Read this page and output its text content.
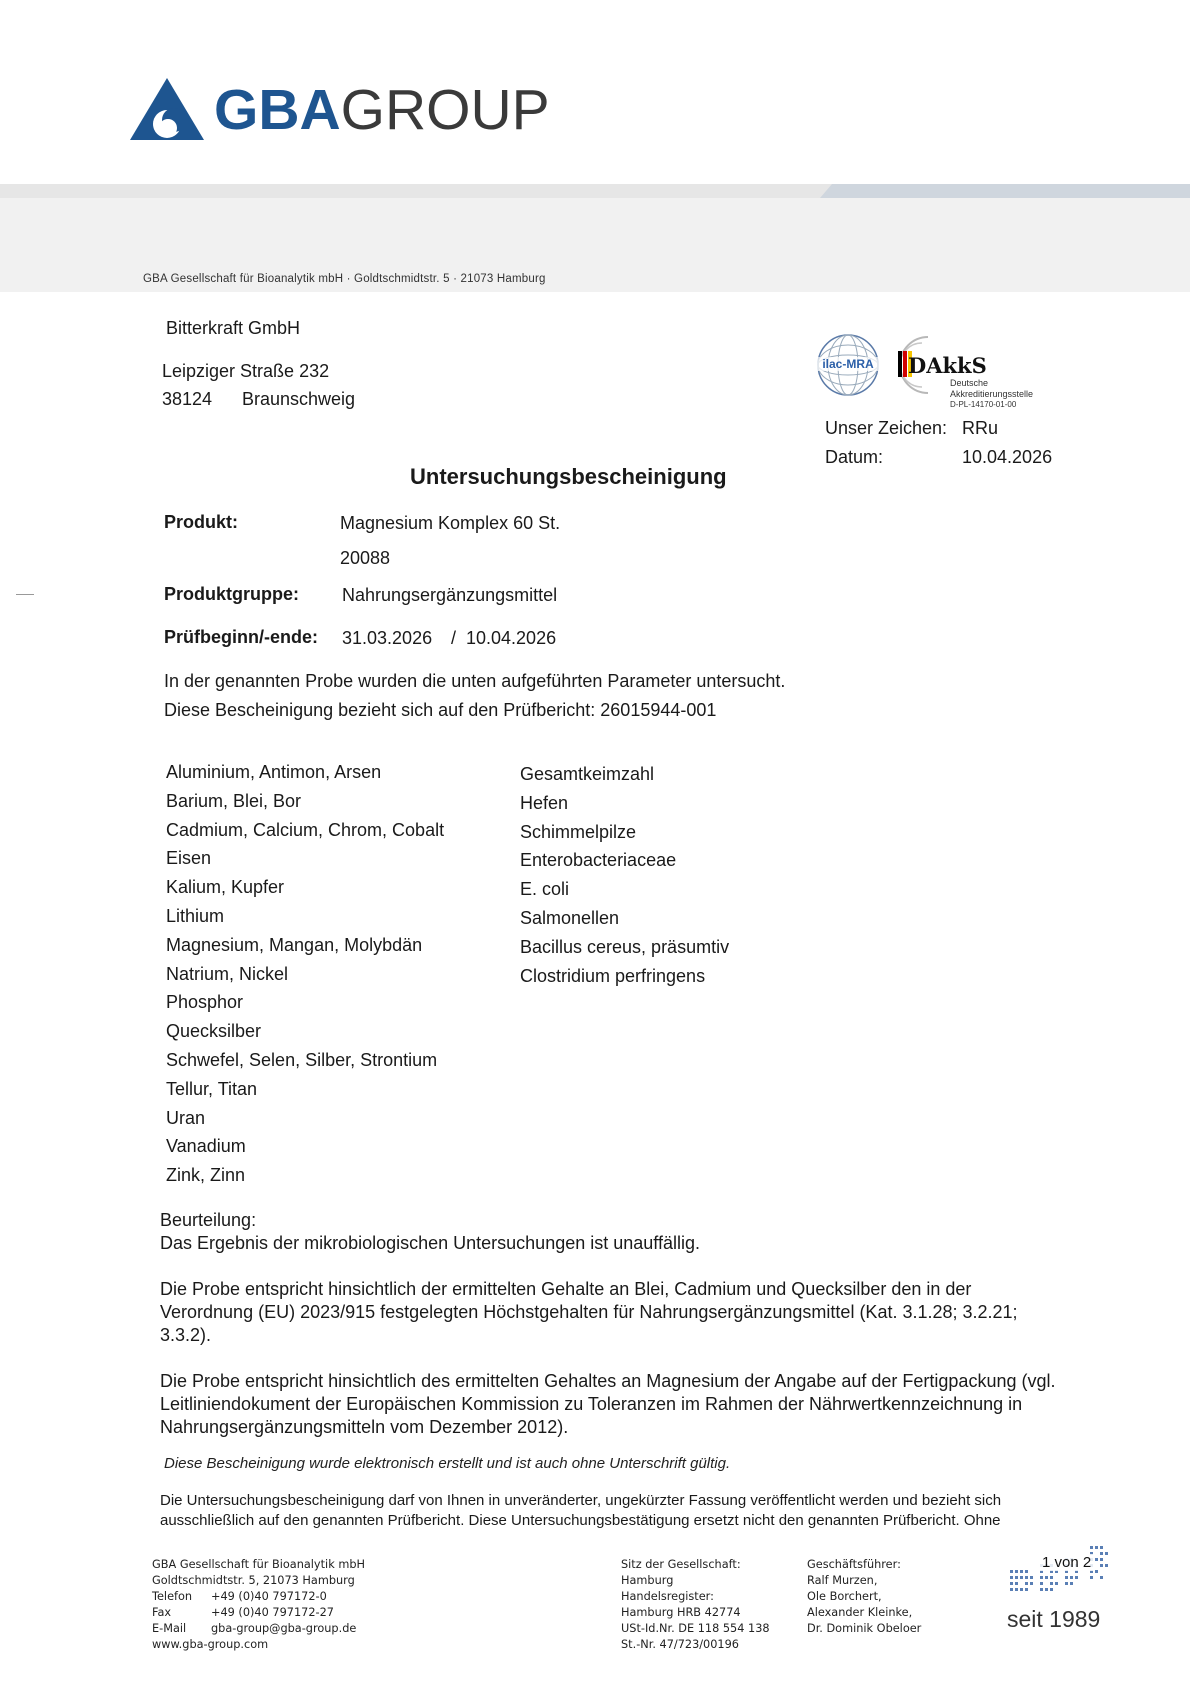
GBAGROUP
GBA Gesellschaft für Bioanalytik mbH · Goldtschmidtstr. 5 · 21073 Hamburg
Bitterkraft GmbH
Leipziger Straße 232
38124 Braunschweig
ilac-MRA	DAkkS
Deutsche
Akkreditierungsstelle
D-PL-14170-01-00
Unser Zeichen: RRu
Datum:	10.04.2026
Untersuchungsbescheinigung
Produkt:	Magnesium Komplex 60 St.
20088
Produktgruppe: Nahrungsergänzungsmittel
Prüfbeginn/-ende: 31.03.2026 / 10.04.2026
In der genannten Probe wurden die unten aufgeführten Parameter untersucht.
Diese Bescheinigung bezieht sich auf den Prüfbericht: 26015944-001
Aluminium, Antimon, Arsen
Barium, Blei, Bor
Cadmium, Calcium, Chrom, Cobalt
Eisen
Kalium, Kupfer
Lithium
Magnesium, Mangan, Molybdän
Natrium, Nickel
Phosphor
Quecksilber
Schwefel, Selen, Silber, Strontium
Tellur, Titan
Uran
Vanadium
Zink, Zinn
Gesamtkeimzahl
Hefen
Schimmelpilze
Enterobacteriaceae
E. coli
Salmonellen
Bacillus cereus, präsumtiv
Clostridium perfringens
Beurteilung:
Das Ergebnis der mikrobiologischen Untersuchungen ist unauffällig.
Die Probe entspricht hinsichtlich der ermittelten Gehalte an Blei, Cadmium und Quecksilber den in der
Verordnung (EU) 2023/915 festgelegten Höchstgehalten für Nahrungsergänzungsmittel (Kat. 3.1.28; 3.2.21;
3.3.2).
Die Probe entspricht hinsichtlich des ermittelten Gehaltes an Magnesium der Angabe auf der Fertigpackung (vgl.
Leitliniendokument der Europäischen Kommission zu Toleranzen im Rahmen der Nährwertkennzeichnung in
Nahrungsergänzungsmitteln vom Dezember 2012).
Diese Bescheinigung wurde elektronisch erstellt und ist auch ohne Unterschrift gültig.
Die Untersuchungsbescheinigung darf von Ihnen in unveränderter, ungekürzter Fassung veröffentlicht werden und bezieht sich
ausschließlich auf den genannten Prüfbericht. Diese Untersuchungsbestätigung ersetzt nicht den genannten Prüfbericht. Ohne
GBA Gesellschaft für Bioanalytik mbH
Goldtschmidtstr. 5, 21073 Hamburg
Telefon +49 (0)40 797172-0
Fax	+49 (0)40 797172-27
E-Mail gba-group@gba-group.de
www.gba-group.com
Sitz der Gesellschaft:
Hamburg
Handelsregister:
Hamburg HRB 42774
USt-Id.Nr. DE 118 554 138
St.-Nr. 47/723/00196
Geschäftsführer:
Ralf Murzen,
Ole Borchert,
Alexander Kleinke,
Dr. Dominik Obeloer
1 von 2
seit 1989
